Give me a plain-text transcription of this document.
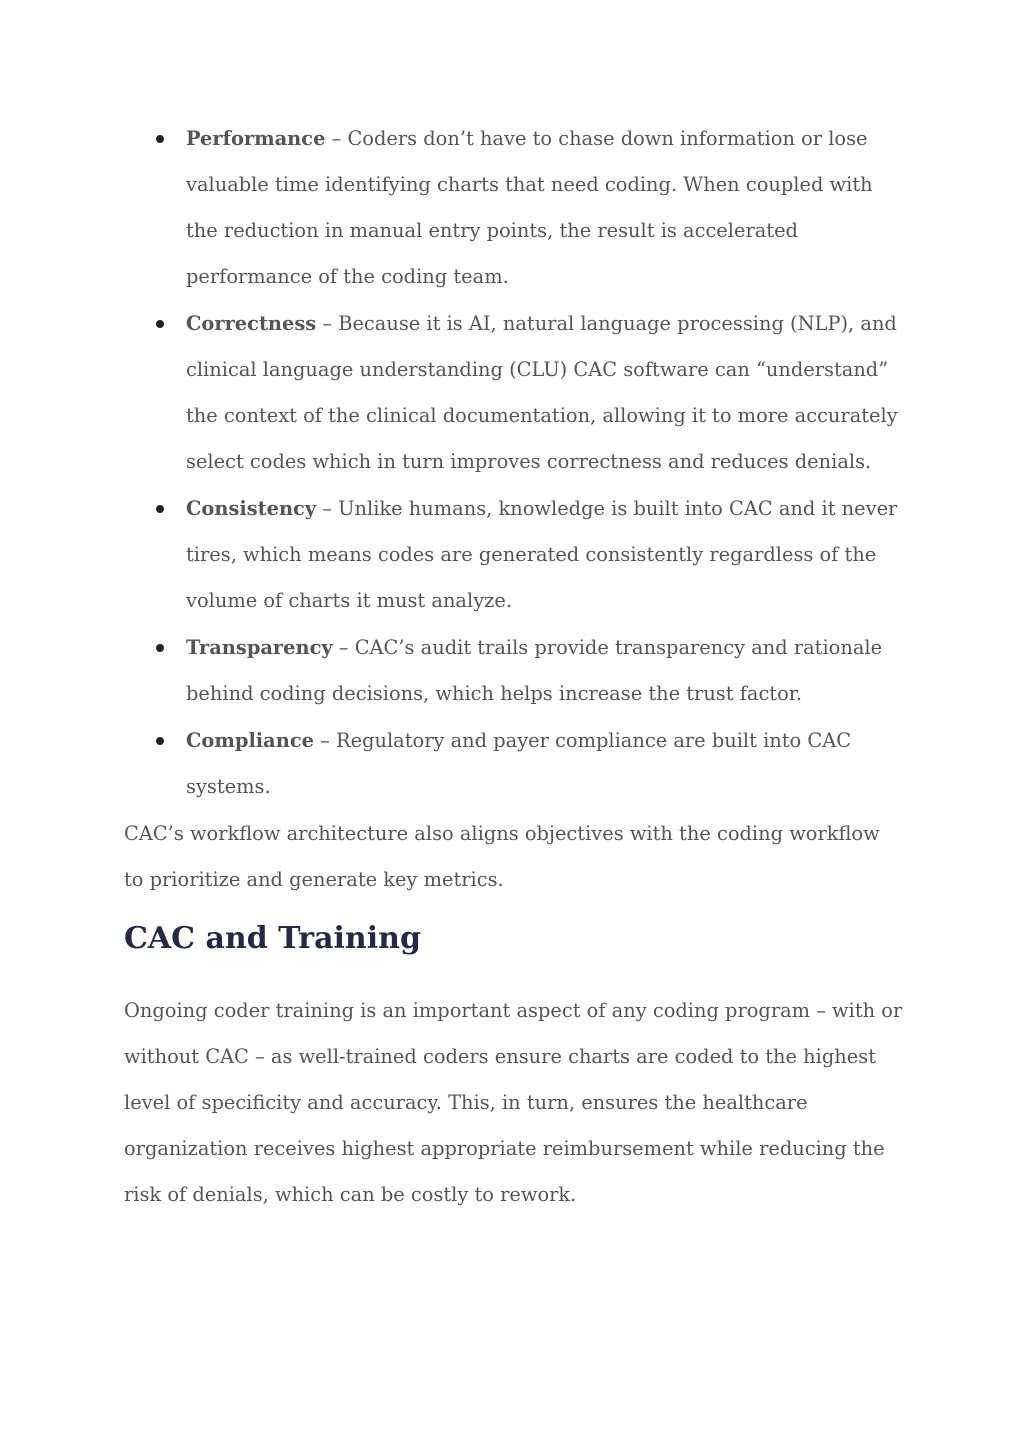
Performance – Coders don’t have to chase down information or lose valuable time identifying charts that need coding. When coupled with the reduction in manual entry points, the result is accelerated performance of the coding team.
Correctness – Because it is AI, natural language processing (NLP), and clinical language understanding (CLU) CAC software can “understand” the context of the clinical documentation, allowing it to more accurately select codes which in turn improves correctness and reduces denials.
Consistency – Unlike humans, knowledge is built into CAC and it never tires, which means codes are generated consistently regardless of the volume of charts it must analyze.
Transparency – CAC’s audit trails provide transparency and rationale behind coding decisions, which helps increase the trust factor.
Compliance – Regulatory and payer compliance are built into CAC systems.

CAC’s workflow architecture also aligns objectives with the coding workflow to prioritize and generate key metrics.

CAC and Training

Ongoing coder training is an important aspect of any coding program – with or without CAC – as well-trained coders ensure charts are coded to the highest level of specificity and accuracy. This, in turn, ensures the healthcare organization receives highest appropriate reimbursement while reducing the risk of denials, which can be costly to rework.
